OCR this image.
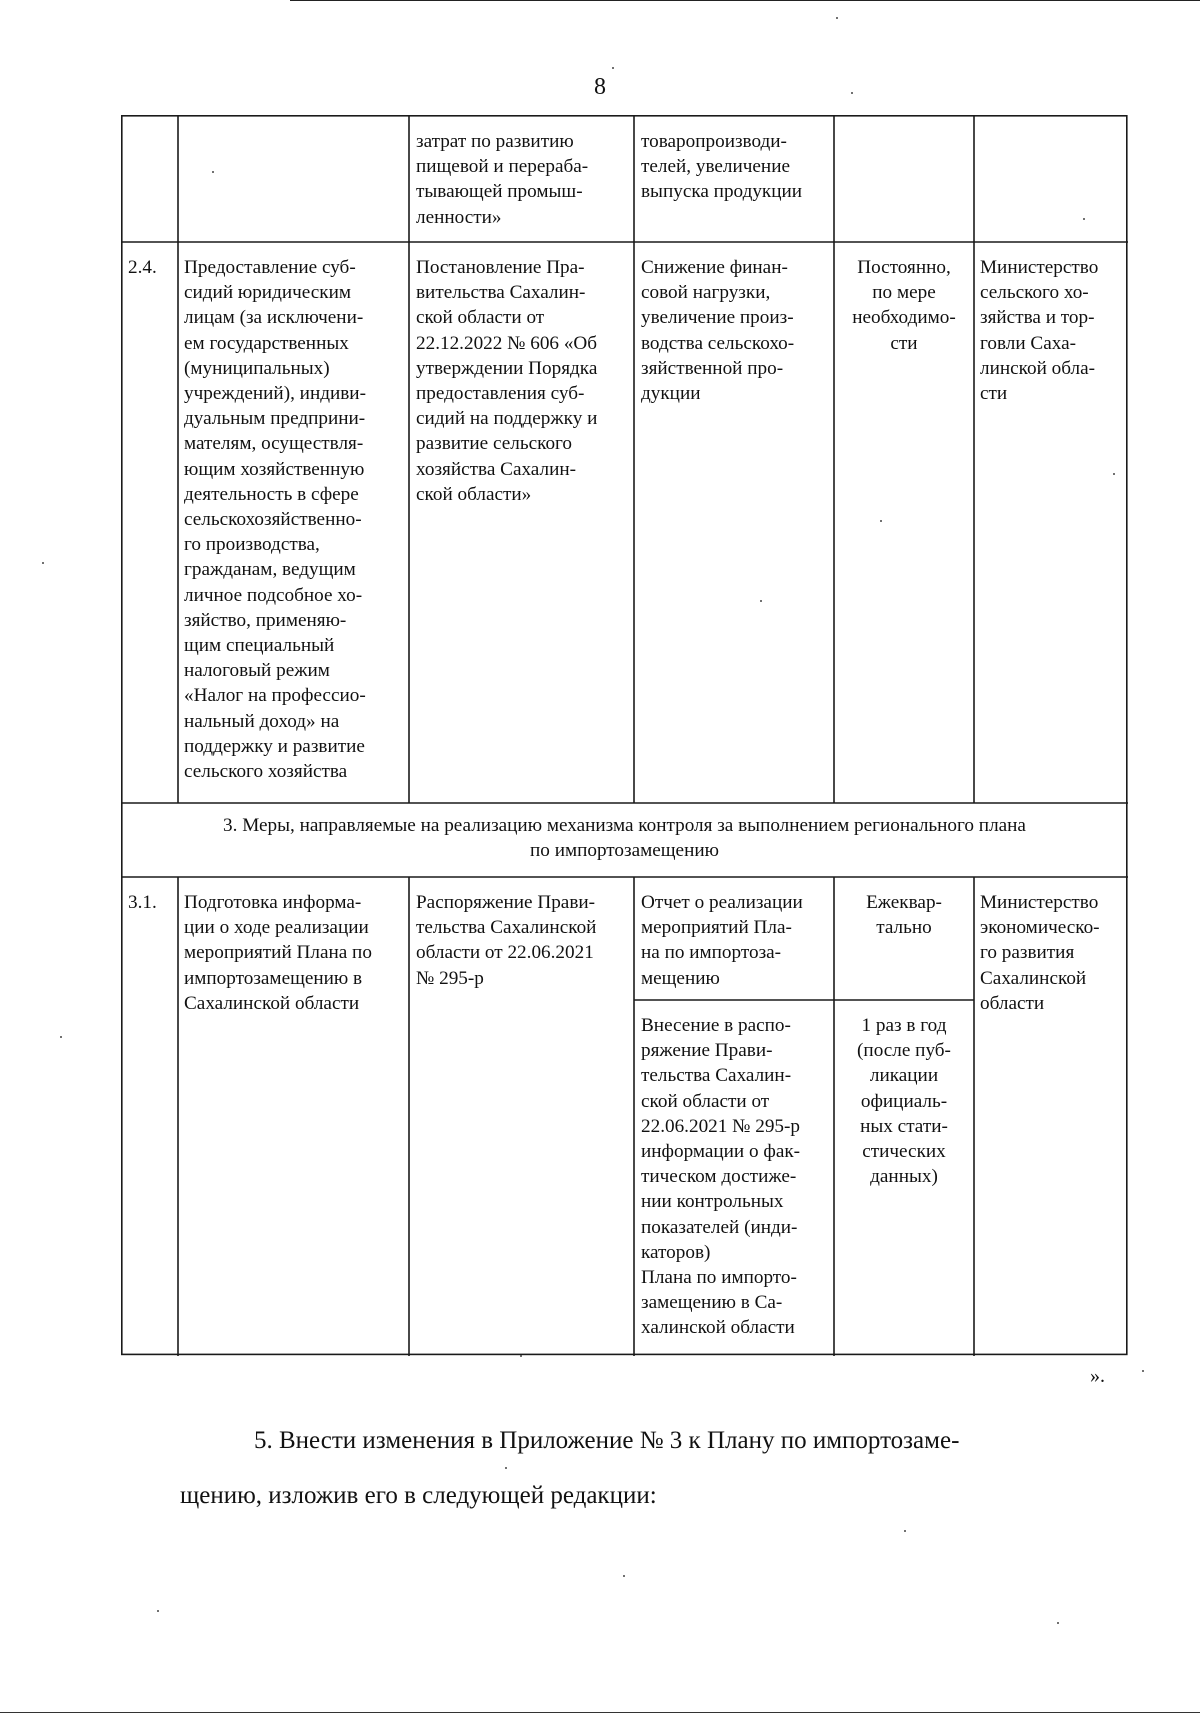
8
затрат по развитию
пищевой и перераба-
тывающей промыш-
ленности»
товаропроизводи-
телей, увеличение
выпуска продукции
2.4. Предоставление суб-
сидий юридическим
лицам (за исключени-
ем государственных
(муниципальных)
учреждений), индиви-
дуальным предприни-
мателям, осуществля-
ющим хозяйственную
деятельность в сфере
сельскохозяйственно-
го производства,
гражданам, ведущим
личное подсобное хо-
зяйство, применяю-
щим специальный
налоговый режим
«Налог на профессио-
нальный доход» на
поддержку и развитие
сельского хозяйства
Постановление Пра-
вительства Сахалин-
ской области от
22.12.2022 № 606 «Об
утверждении Порядка
предоставления суб-
сидий на поддержку и
развитие сельского
хозяйства Сахалин-
ской области»
Снижение финан-
совой нагрузки,
увеличение произ-
водства сельскохо-
зяйственной про-
дукции
Постоянно,
по мере
необходимо-
сти
Министерство
сельского хо-
зяйства и тор-
говли Саха-
линской обла-
сти
3. Меры, направляемые на реализацию механизма контроля за выполнением регионального плана
по импортозамещению
3.1. Подготовка информа-
ции о ходе реализации
мероприятий Плана по
импортозамещению в
Сахалинской области
Распоряжение Прави-
тельства Сахалинской
области от 22.06.2021
№ 295-р
Отчет о реализации
мероприятий Пла-
на по импортоза-
мещению
Ежеквар-
тально
Внесение в распо-
ряжение Прави-
тельства Сахалин-
ской области от
22.06.2021 № 295-р
информации о фак-
тическом достиже-
нии контрольных
показателей (инди-
каторов)
Плана по импорто-
замещению в Са-
халинской области
1 раз в год
(после пуб-
ликации
официаль-
ных стати-
стических
данных)
Министерство
экономическо-
го развития
Сахалинской
области
».
5. Внести изменения в Приложение № 3 к Плану по импортозаме-
щению, изложив его в следующей редакции:
